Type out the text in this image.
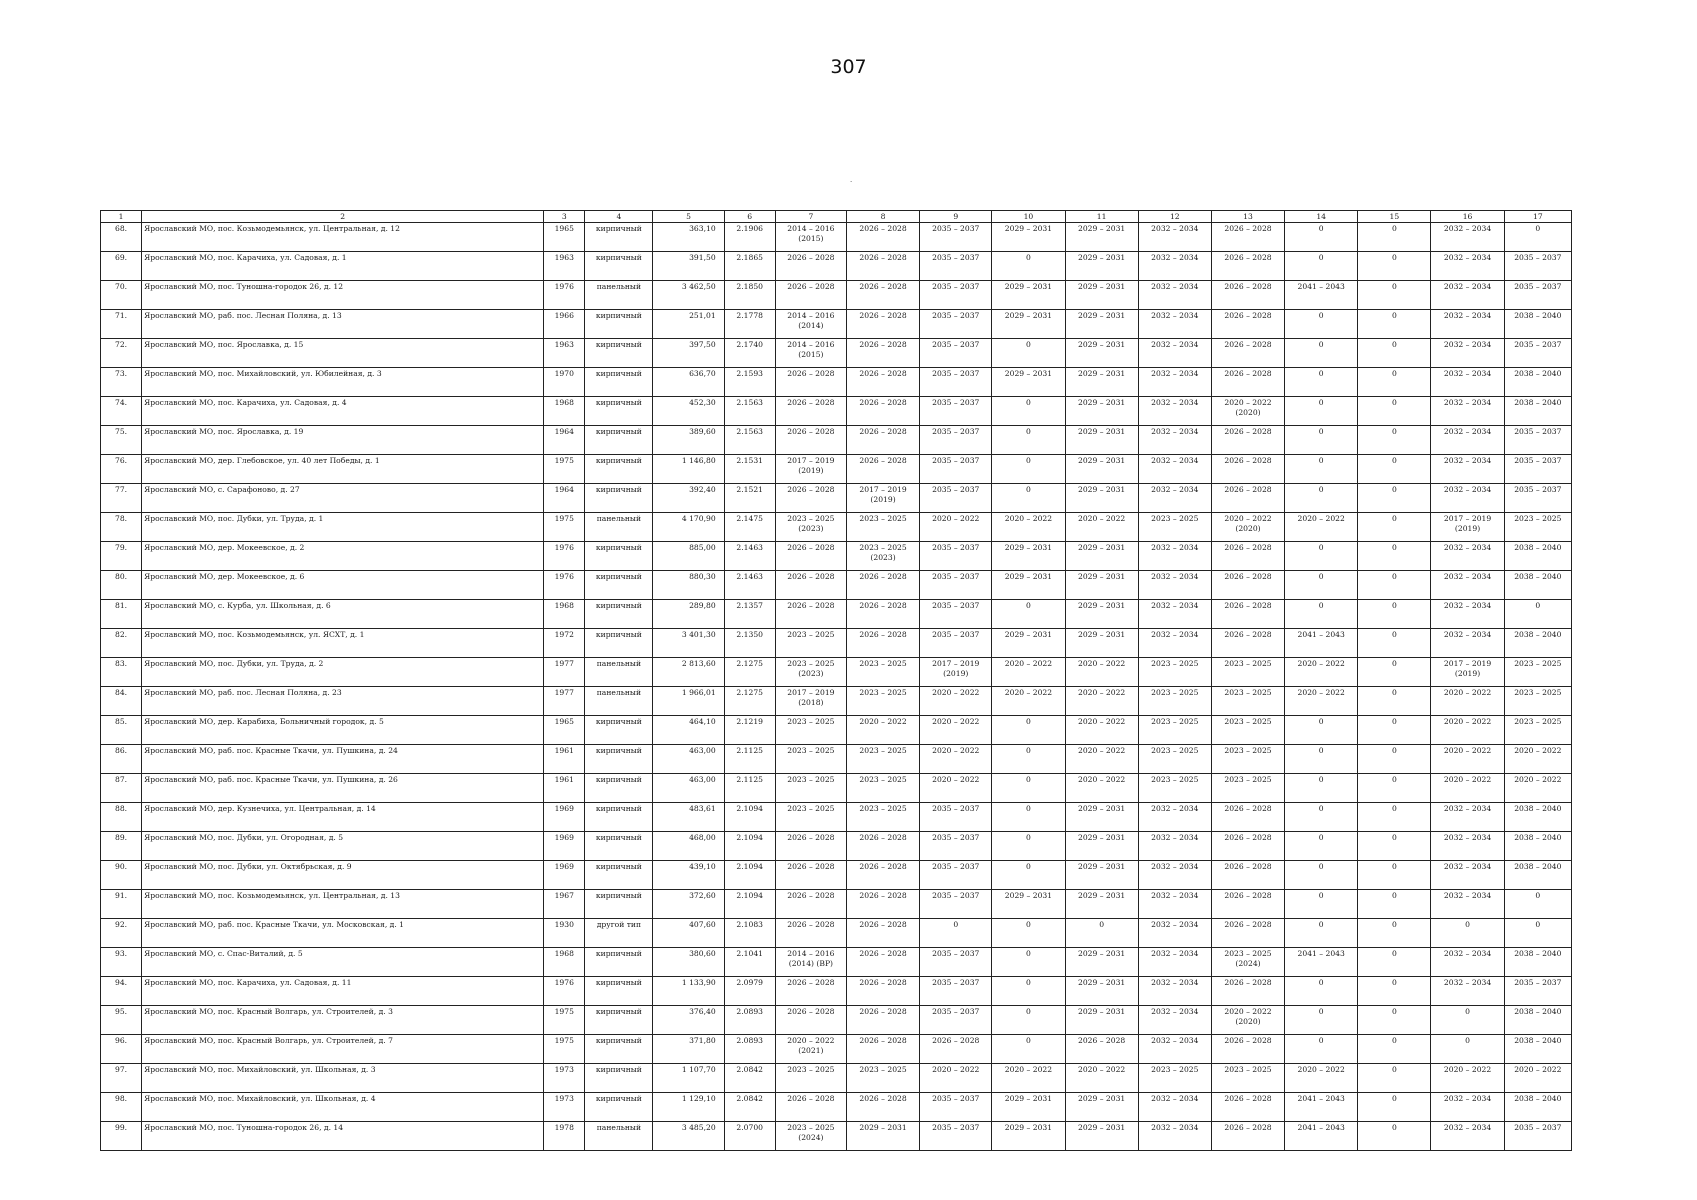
307
·
1	2	3	4	5	6	7	8	9	10	11	12	13	14	15	16	17
68.	Ярославский МО, пос. Козьмодемьянск, ул. Центральная, д. 12	1965	кирпичный	363,10	2.1906	2014 – 2016 (2015)	2026 – 2028	2035 – 2037	2029 – 2031	2029 – 2031	2032 – 2034	2026 – 2028	0	0	2032 – 2034	0
69.	Ярославский МО, пос. Карачиха, ул. Садовая, д. 1	1963	кирпичный	391,50	2.1865	2026 – 2028	2026 – 2028	2035 – 2037	0	2029 – 2031	2032 – 2034	2026 – 2028	0	0	2032 – 2034	2035 – 2037
70.	Ярославский МО, пос. Туношна-городок 26, д. 12	1976	панельный	3 462,50	2.1850	2026 – 2028	2026 – 2028	2035 – 2037	2029 – 2031	2029 – 2031	2032 – 2034	2026 – 2028	2041 – 2043	0	2032 – 2034	2035 – 2037
71.	Ярославский МО, раб. пос. Лесная Поляна, д. 13	1966	кирпичный	251,01	2.1778	2014 – 2016 (2014)	2026 – 2028	2035 – 2037	2029 – 2031	2029 – 2031	2032 – 2034	2026 – 2028	0	0	2032 – 2034	2038 – 2040
72.	Ярославский МО, пос. Ярославка, д. 15	1963	кирпичный	397,50	2.1740	2014 – 2016 (2015)	2026 – 2028	2035 – 2037	0	2029 – 2031	2032 – 2034	2026 – 2028	0	0	2032 – 2034	2035 – 2037
73.	Ярославский МО, пос. Михайловский, ул. Юбилейная, д. 3	1970	кирпичный	636,70	2.1593	2026 – 2028	2026 – 2028	2035 – 2037	2029 – 2031	2029 – 2031	2032 – 2034	2026 – 2028	0	0	2032 – 2034	2038 – 2040
74.	Ярославский МО, пос. Карачиха, ул. Садовая, д. 4	1968	кирпичный	452,30	2.1563	2026 – 2028	2026 – 2028	2035 – 2037	0	2029 – 2031	2032 – 2034	2020 – 2022 (2020)	0	0	2032 – 2034	2038 – 2040
75.	Ярославский МО, пос. Ярославка, д. 19	1964	кирпичный	389,60	2.1563	2026 – 2028	2026 – 2028	2035 – 2037	0	2029 – 2031	2032 – 2034	2026 – 2028	0	0	2032 – 2034	2035 – 2037
76.	Ярославский МО, дер. Глебовское, ул. 40 лет Победы, д. 1	1975	кирпичный	1 146,80	2.1531	2017 – 2019 (2019)	2026 – 2028	2035 – 2037	0	2029 – 2031	2032 – 2034	2026 – 2028	0	0	2032 – 2034	2035 – 2037
77.	Ярославский МО, с. Сарафоново, д. 27	1964	кирпичный	392,40	2.1521	2026 – 2028	2017 – 2019 (2019)	2035 – 2037	0	2029 – 2031	2032 – 2034	2026 – 2028	0	0	2032 – 2034	2035 – 2037
78.	Ярославский МО, пос. Дубки, ул. Труда, д. 1	1975	панельный	4 170,90	2.1475	2023 – 2025 (2023)	2023 – 2025	2020 – 2022	2020 – 2022	2020 – 2022	2023 – 2025	2020 – 2022 (2020)	2020 – 2022	0	2017 – 2019 (2019)	2023 – 2025
79.	Ярославский МО, дер. Мокеевское, д. 2	1976	кирпичный	885,00	2.1463	2026 – 2028	2023 – 2025 (2023)	2035 – 2037	2029 – 2031	2029 – 2031	2032 – 2034	2026 – 2028	0	0	2032 – 2034	2038 – 2040
80.	Ярославский МО, дер. Мокеевское, д. 6	1976	кирпичный	880,30	2.1463	2026 – 2028	2026 – 2028	2035 – 2037	2029 – 2031	2029 – 2031	2032 – 2034	2026 – 2028	0	0	2032 – 2034	2038 – 2040
81.	Ярославский МО, с. Курба, ул. Школьная, д. 6	1968	кирпичный	289,80	2.1357	2026 – 2028	2026 – 2028	2035 – 2037	0	2029 – 2031	2032 – 2034	2026 – 2028	0	0	2032 – 2034	0
82.	Ярославский МО, пос. Козьмодемьянск, ул. ЯСХТ, д. 1	1972	кирпичный	3 401,30	2.1350	2023 – 2025	2026 – 2028	2035 – 2037	2029 – 2031	2029 – 2031	2032 – 2034	2026 – 2028	2041 – 2043	0	2032 – 2034	2038 – 2040
83.	Ярославский МО, пос. Дубки, ул. Труда, д. 2	1977	панельный	2 813,60	2.1275	2023 – 2025 (2023)	2023 – 2025	2017 – 2019 (2019)	2020 – 2022	2020 – 2022	2023 – 2025	2023 – 2025	2020 – 2022	0	2017 – 2019 (2019)	2023 – 2025
84.	Ярославский МО, раб. пос. Лесная Поляна, д. 23	1977	панельный	1 966,01	2.1275	2017 – 2019 (2018)	2023 – 2025	2020 – 2022	2020 – 2022	2020 – 2022	2023 – 2025	2023 – 2025	2020 – 2022	0	2020 – 2022	2023 – 2025
85.	Ярославский МО, дер. Карабиха, Больничный городок, д. 5	1965	кирпичный	464,10	2.1219	2023 – 2025	2020 – 2022	2020 – 2022	0	2020 – 2022	2023 – 2025	2023 – 2025	0	0	2020 – 2022	2023 – 2025
86.	Ярославский МО, раб. пос. Красные Ткачи, ул. Пушкина, д. 24	1961	кирпичный	463,00	2.1125	2023 – 2025	2023 – 2025	2020 – 2022	0	2020 – 2022	2023 – 2025	2023 – 2025	0	0	2020 – 2022	2020 – 2022
87.	Ярославский МО, раб. пос. Красные Ткачи, ул. Пушкина, д. 26	1961	кирпичный	463,00	2.1125	2023 – 2025	2023 – 2025	2020 – 2022	0	2020 – 2022	2023 – 2025	2023 – 2025	0	0	2020 – 2022	2020 – 2022
88.	Ярославский МО, дер. Кузнечиха, ул. Центральная, д. 14	1969	кирпичный	483,61	2.1094	2023 – 2025	2023 – 2025	2035 – 2037	0	2029 – 2031	2032 – 2034	2026 – 2028	0	0	2032 – 2034	2038 – 2040
89.	Ярославский МО, пос. Дубки, ул. Огородная, д. 5	1969	кирпичный	468,00	2.1094	2026 – 2028	2026 – 2028	2035 – 2037	0	2029 – 2031	2032 – 2034	2026 – 2028	0	0	2032 – 2034	2038 – 2040
90.	Ярославский МО, пос. Дубки, ул. Октябрьская, д. 9	1969	кирпичный	439,10	2.1094	2026 – 2028	2026 – 2028	2035 – 2037	0	2029 – 2031	2032 – 2034	2026 – 2028	0	0	2032 – 2034	2038 – 2040
91.	Ярославский МО, пос. Козьмодемьянск, ул. Центральная, д. 13	1967	кирпичный	372,60	2.1094	2026 – 2028	2026 – 2028	2035 – 2037	2029 – 2031	2029 – 2031	2032 – 2034	2026 – 2028	0	0	2032 – 2034	0
92.	Ярославский МО, раб. пос. Красные Ткачи, ул. Московская, д. 1	1930	другой тип	407,60	2.1083	2026 – 2028	2026 – 2028	0	0	0	2032 – 2034	2026 – 2028	0	0	0	0
93.	Ярославский МО, с. Спас-Виталий, д. 5	1968	кирпичный	380,60	2.1041	2014 – 2016 (2014) (ВР)	2026 – 2028	2035 – 2037	0	2029 – 2031	2032 – 2034	2023 – 2025 (2024)	2041 – 2043	0	2032 – 2034	2038 – 2040
94.	Ярославский МО, пос. Карачиха, ул. Садовая, д. 11	1976	кирпичный	1 133,90	2.0979	2026 – 2028	2026 – 2028	2035 – 2037	0	2029 – 2031	2032 – 2034	2026 – 2028	0	0	2032 – 2034	2035 – 2037
95.	Ярославский МО, пос. Красный Волгарь, ул. Строителей, д. 3	1975	кирпичный	376,40	2.0893	2026 – 2028	2026 – 2028	2035 – 2037	0	2029 – 2031	2032 – 2034	2020 – 2022 (2020)	0	0	0	2038 – 2040
96.	Ярославский МО, пос. Красный Волгарь, ул. Строителей, д. 7	1975	кирпичный	371,80	2.0893	2020 – 2022 (2021)	2026 – 2028	2026 – 2028	0	2026 – 2028	2032 – 2034	2026 – 2028	0	0	0	2038 – 2040
97.	Ярославский МО, пос. Михайловский, ул. Школьная, д. 3	1973	кирпичный	1 107,70	2.0842	2023 – 2025	2023 – 2025	2020 – 2022	2020 – 2022	2020 – 2022	2023 – 2025	2023 – 2025	2020 – 2022	0	2020 – 2022	2020 – 2022
98.	Ярославский МО, пос. Михайловский, ул. Школьная, д. 4	1973	кирпичный	1 129,10	2.0842	2026 – 2028	2026 – 2028	2035 – 2037	2029 – 2031	2029 – 2031	2032 – 2034	2026 – 2028	2041 – 2043	0	2032 – 2034	2038 – 2040
99.	Ярославский МО, пос. Туношна-городок 26, д. 14	1978	панельный	3 485,20	2.0700	2023 – 2025 (2024)	2029 – 2031	2035 – 2037	2029 – 2031	2029 – 2031	2032 – 2034	2026 – 2028	2041 – 2043	0	2032 – 2034	2035 – 2037
